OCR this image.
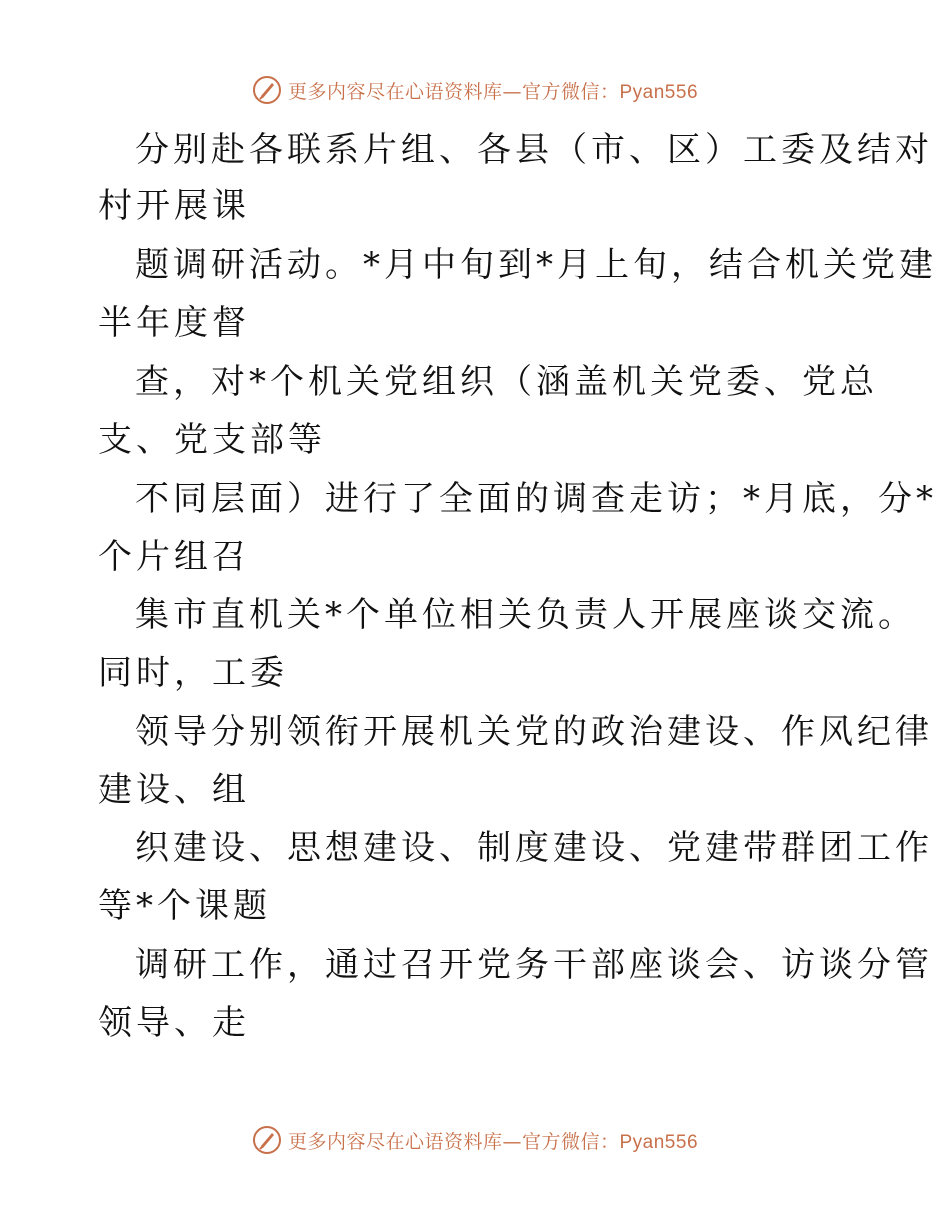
更多内容尽在心语资料库—官方微信：Pyan556
分别赴各联系片组、各县（市、区）工委及结对
村开展课
题调研活动。*月中旬到*月上旬，结合机关党建
半年度督
查，对*个机关党组织（涵盖机关党委、党总
支、党支部等
不同层面）进行了全面的调查走访；*月底，分*
个片组召
集市直机关*个单位相关负责人开展座谈交流。
同时，工委
领导分别领衔开展机关党的政治建设、作风纪律
建设、组
织建设、思想建设、制度建设、党建带群团工作
等*个课题
调研工作，通过召开党务干部座谈会、访谈分管
领导、走
更多内容尽在心语资料库—官方微信：Pyan556
